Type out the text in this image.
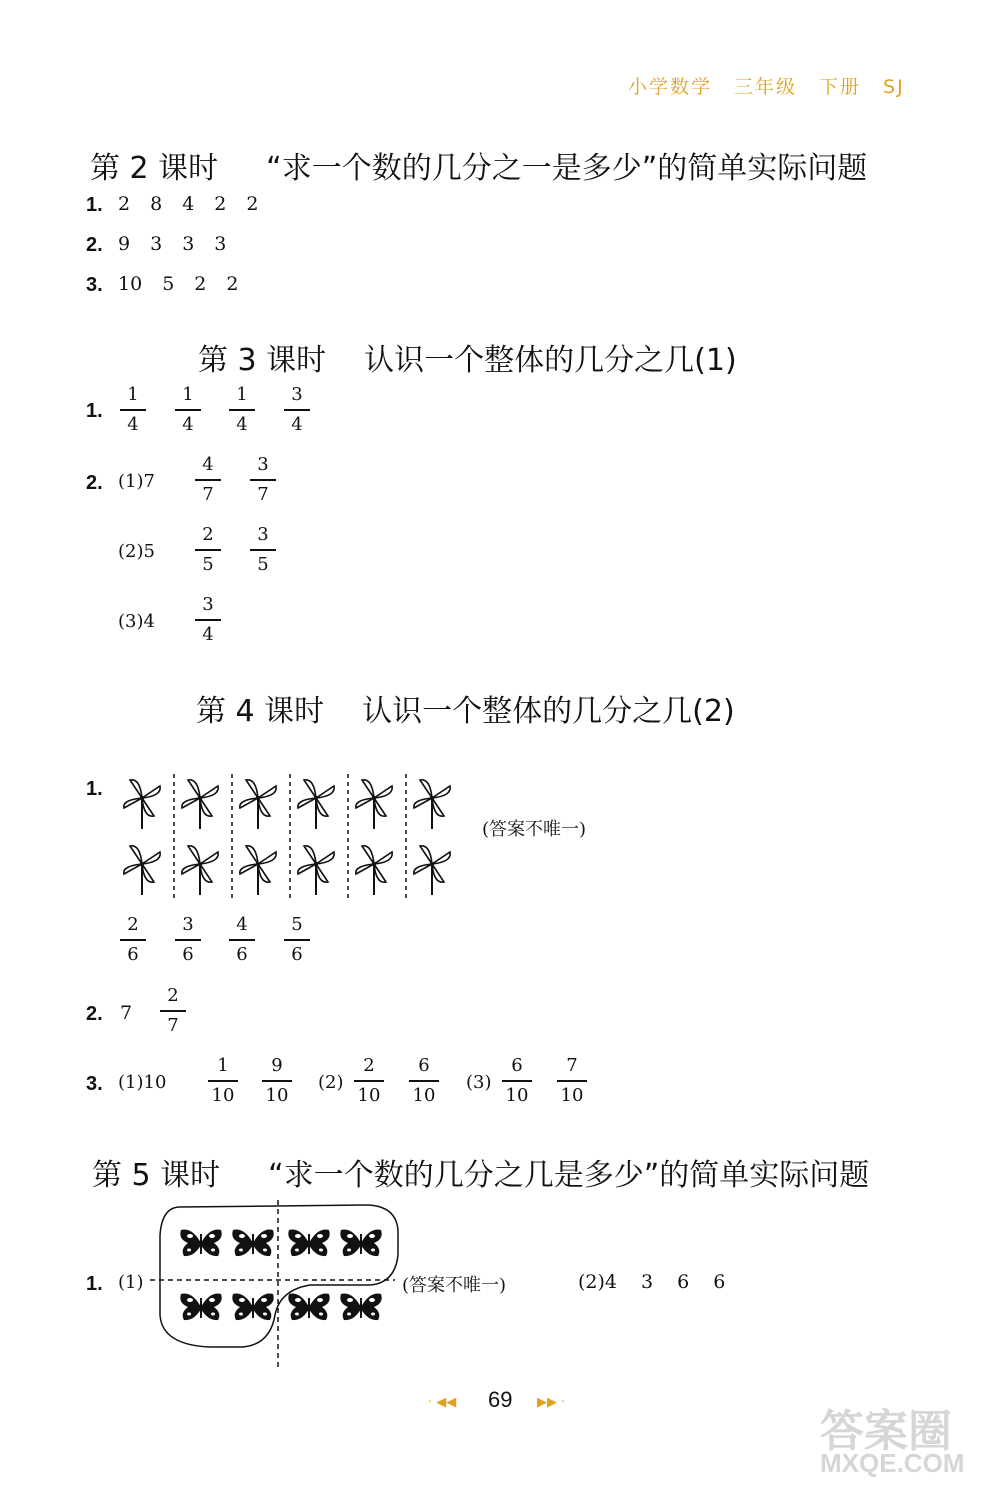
小学数学 三年级 下册 SJ
第 2 课时 “求一个数的几分之一是多少”的简单实际问题
1. 2 8 4 2 2
2. 9 3 3 3
3. 10 5 2 2
第 3 课时 认识一个整体的几分之几(1)
1.
1
4
1
4
1
4
3
4
2. (1)7
4
7
3
7
(2)5
2
5
3
5
(3)4
3
4
第 4 课时 认识一个整体的几分之几(2)
1.
(答案不唯一)
2
6
3
6
4
6
5
6
2. 7
2
7
3. (1)10
1
10
9
10
(2)
2
10
6
10
(3)
6
10
7
10
第 5 课时 “求一个数的几分之几是多少”的简单实际问题
1. (1)	(答案不唯一)	(2)4 3 6 6
· ◀◀ 69 ▶▶ ·
答案圈
MXQE.COM
